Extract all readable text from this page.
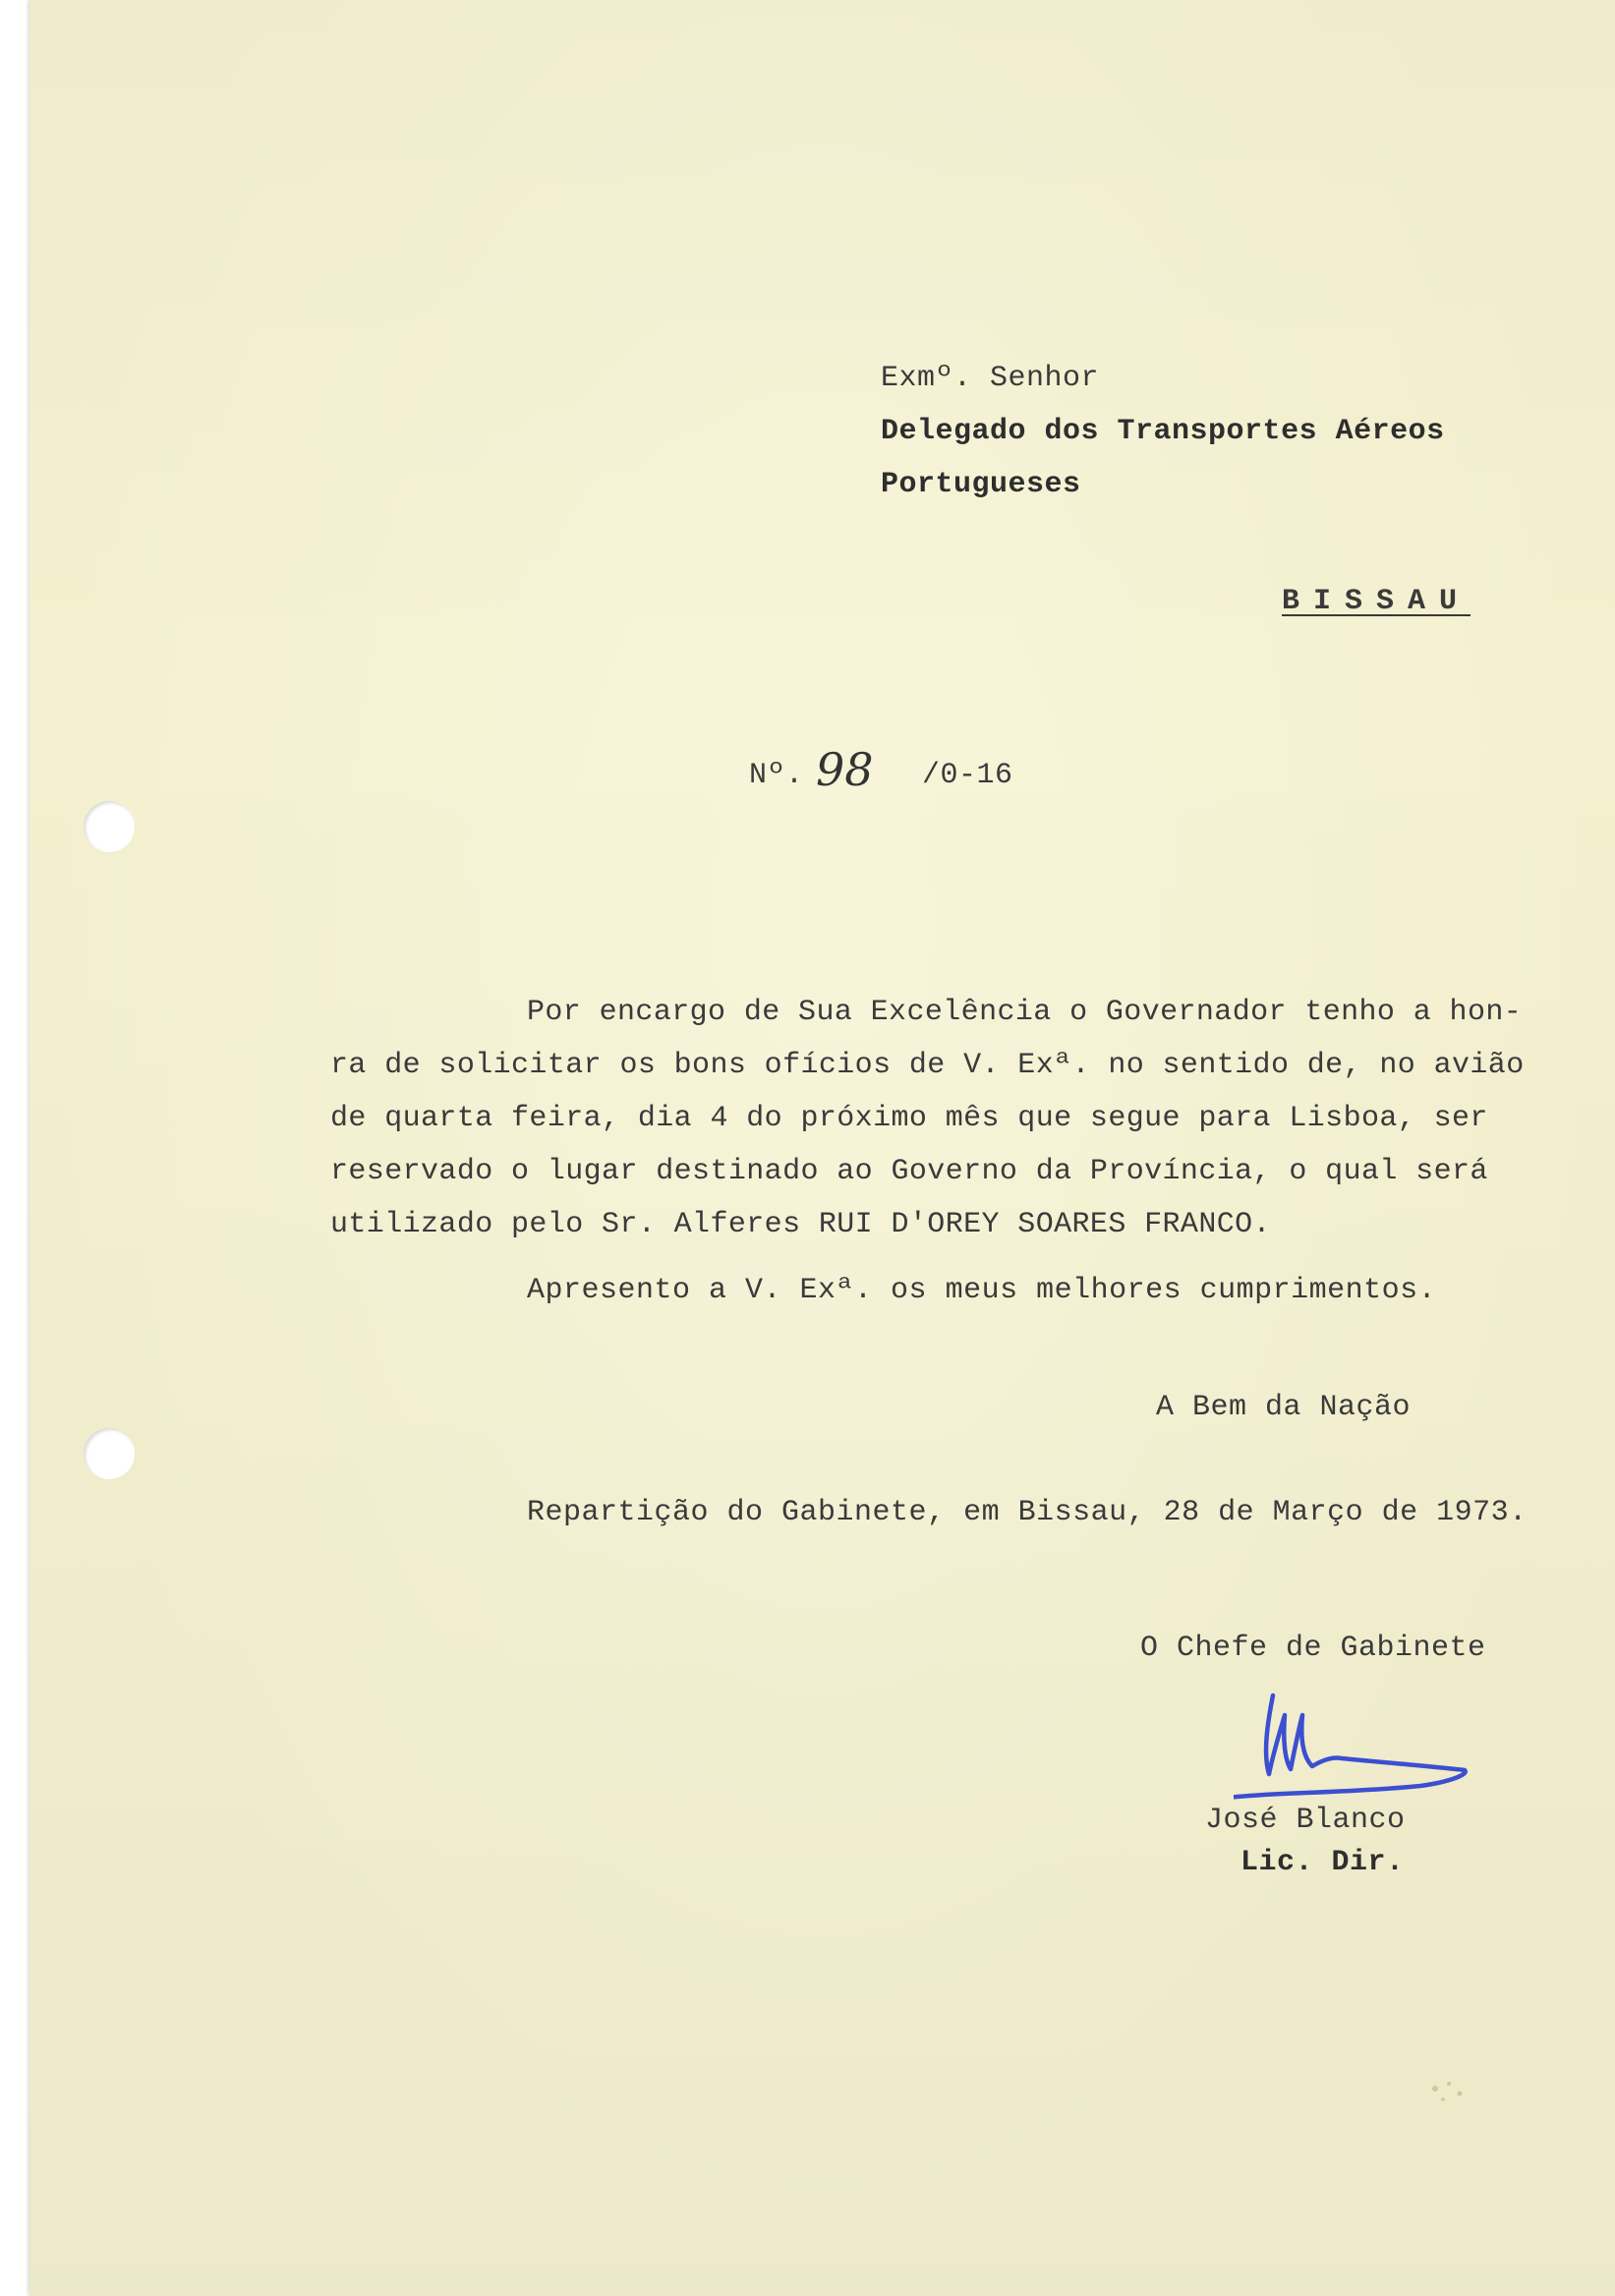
Exmº. Senhor
Delegado dos Transportes Aéreos
Portugueses
BISSAU
Nº. 98 /0-16
Por encargo de Sua Excelência o Governador tenho a hon-
ra de solicitar os bons ofícios de V. Exª. no sentido de, no avião
de quarta feira, dia 4 do próximo mês que segue para Lisboa, ser
reservado o lugar destinado ao Governo da Província, o qual será
utilizado pelo Sr. Alferes RUI D'OREY SOARES FRANCO.
Apresento a V. Exª. os meus melhores cumprimentos.
A Bem da Nação
Repartição do Gabinete, em Bissau, 28 de Março de 1973.
O Chefe de Gabinete
José Blanco
Lic. Dir.
